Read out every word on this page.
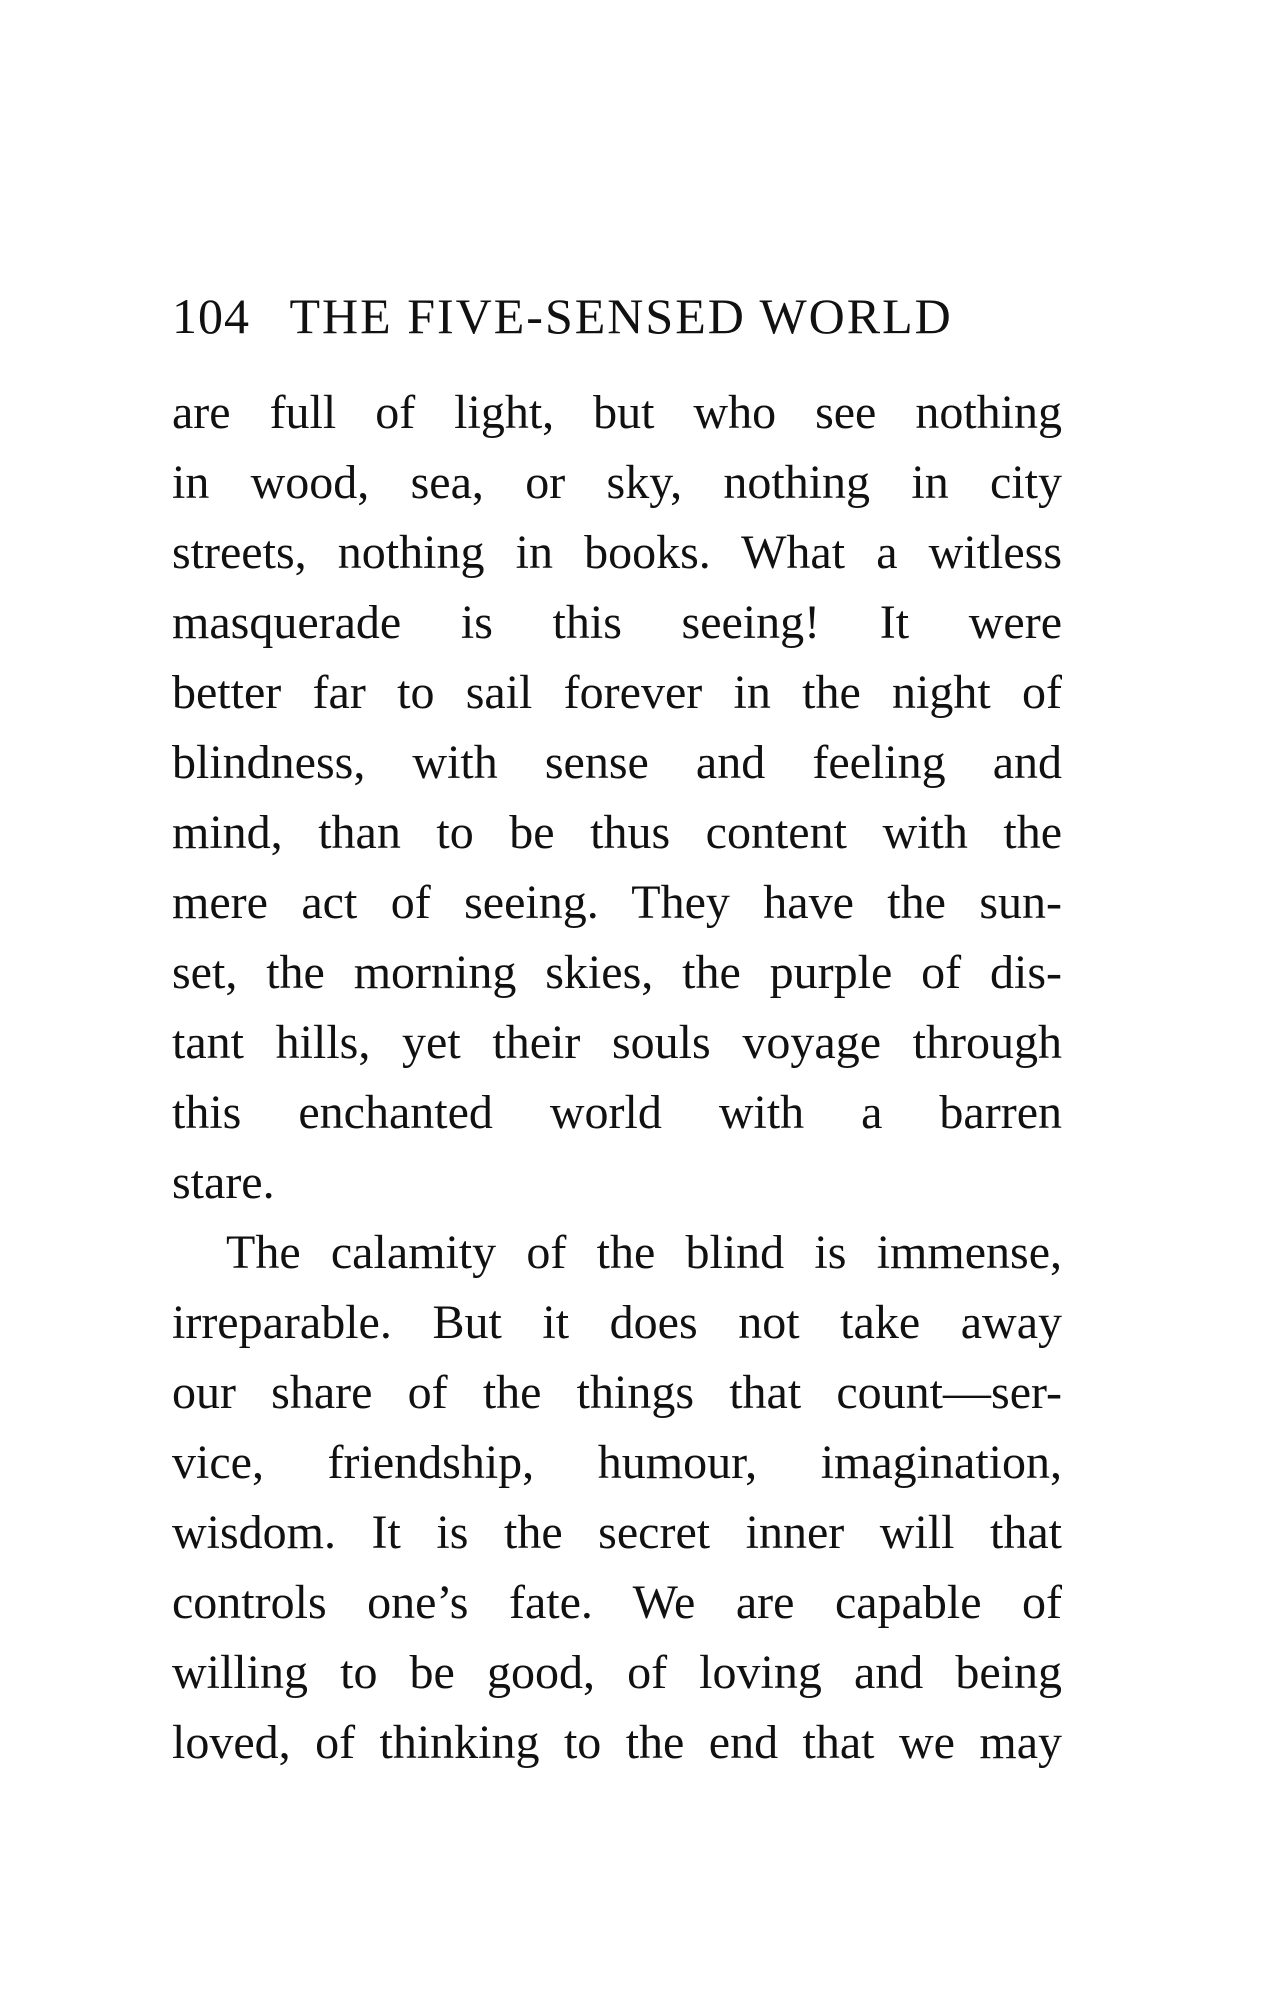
104 THE FIVE-SENSED WORLD
are full of light, but who see nothing
in wood, sea, or sky, nothing in city
streets, nothing in books. What a witless
masquerade is this seeing! It were
better far to sail forever in the night of
blindness, with sense and feeling and
mind, than to be thus content with the
mere act of seeing. They have the sun-
set, the morning skies, the purple of dis-
tant hills, yet their souls voyage through
this enchanted world with a barren
stare.
The calamity of the blind is immense,
irreparable. But it does not take away
our share of the things that count—ser-
vice, friendship, humour, imagination,
wisdom. It is the secret inner will that
controls one’s fate. We are capable of
willing to be good, of loving and being
loved, of thinking to the end that we may
